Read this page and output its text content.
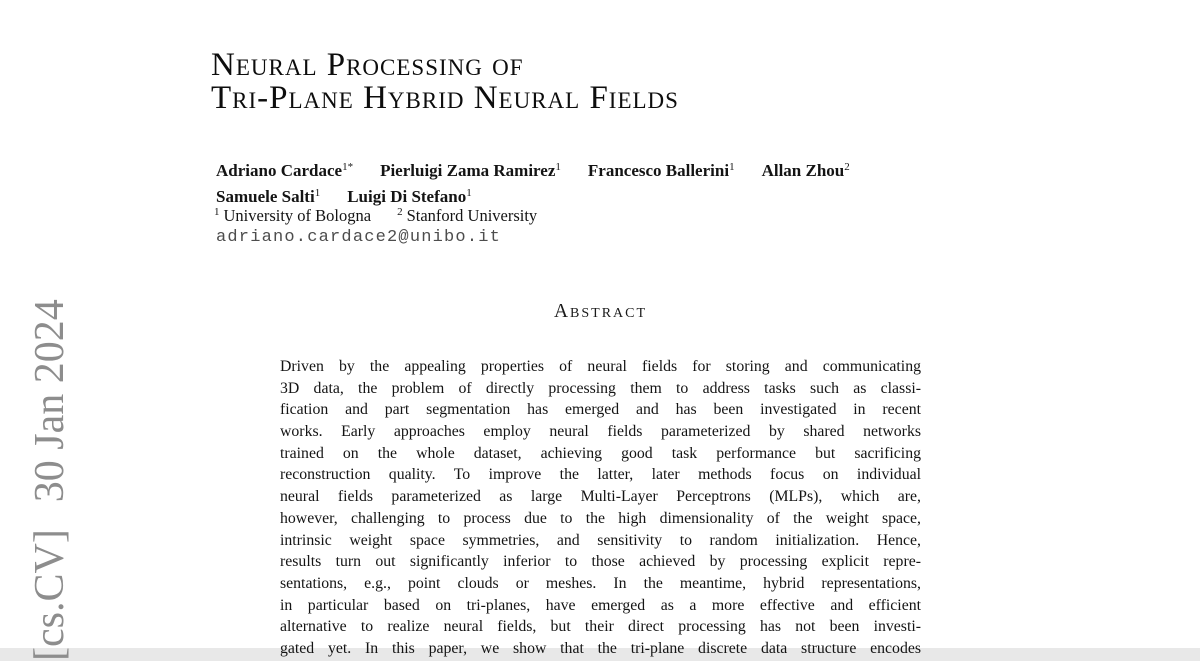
[cs.CV]
30 Jan 2024
Neural Processing of
Tri-Plane Hybrid Neural Fields
Adriano Cardace$^{1*}$ Pierluigi Zama Ramirez$^1$ Francesco Ballerini$^1$ Allan Zhou$^2$
Samuele Salti$^1$ Luigi Di Stefano$^1$
$^1$ University of Bologna $^2$ Stanford University
adriano.cardace2@unibo.it
Abstract
Driven by the appealing properties of neural fields for storing and communicating
3D data, the problem of directly processing them to address tasks such as classi-
fication and part segmentation has emerged and has been investigated in recent
works. Early approaches employ neural fields parameterized by shared networks
trained on the whole dataset, achieving good task performance but sacrificing
reconstruction quality. To improve the latter, later methods focus on individual
neural fields parameterized as large Multi-Layer Perceptrons (MLPs), which are,
however, challenging to process due to the high dimensionality of the weight space,
intrinsic weight space symmetries, and sensitivity to random initialization. Hence,
results turn out significantly inferior to those achieved by processing explicit repre-
sentations, e.g., point clouds or meshes. In the meantime, hybrid representations,
in particular based on tri-planes, have emerged as a more effective and efficient
alternative to realize neural fields, but their direct processing has not been investi-
gated yet. In this paper, we show that the tri-plane discrete data structure encodes
